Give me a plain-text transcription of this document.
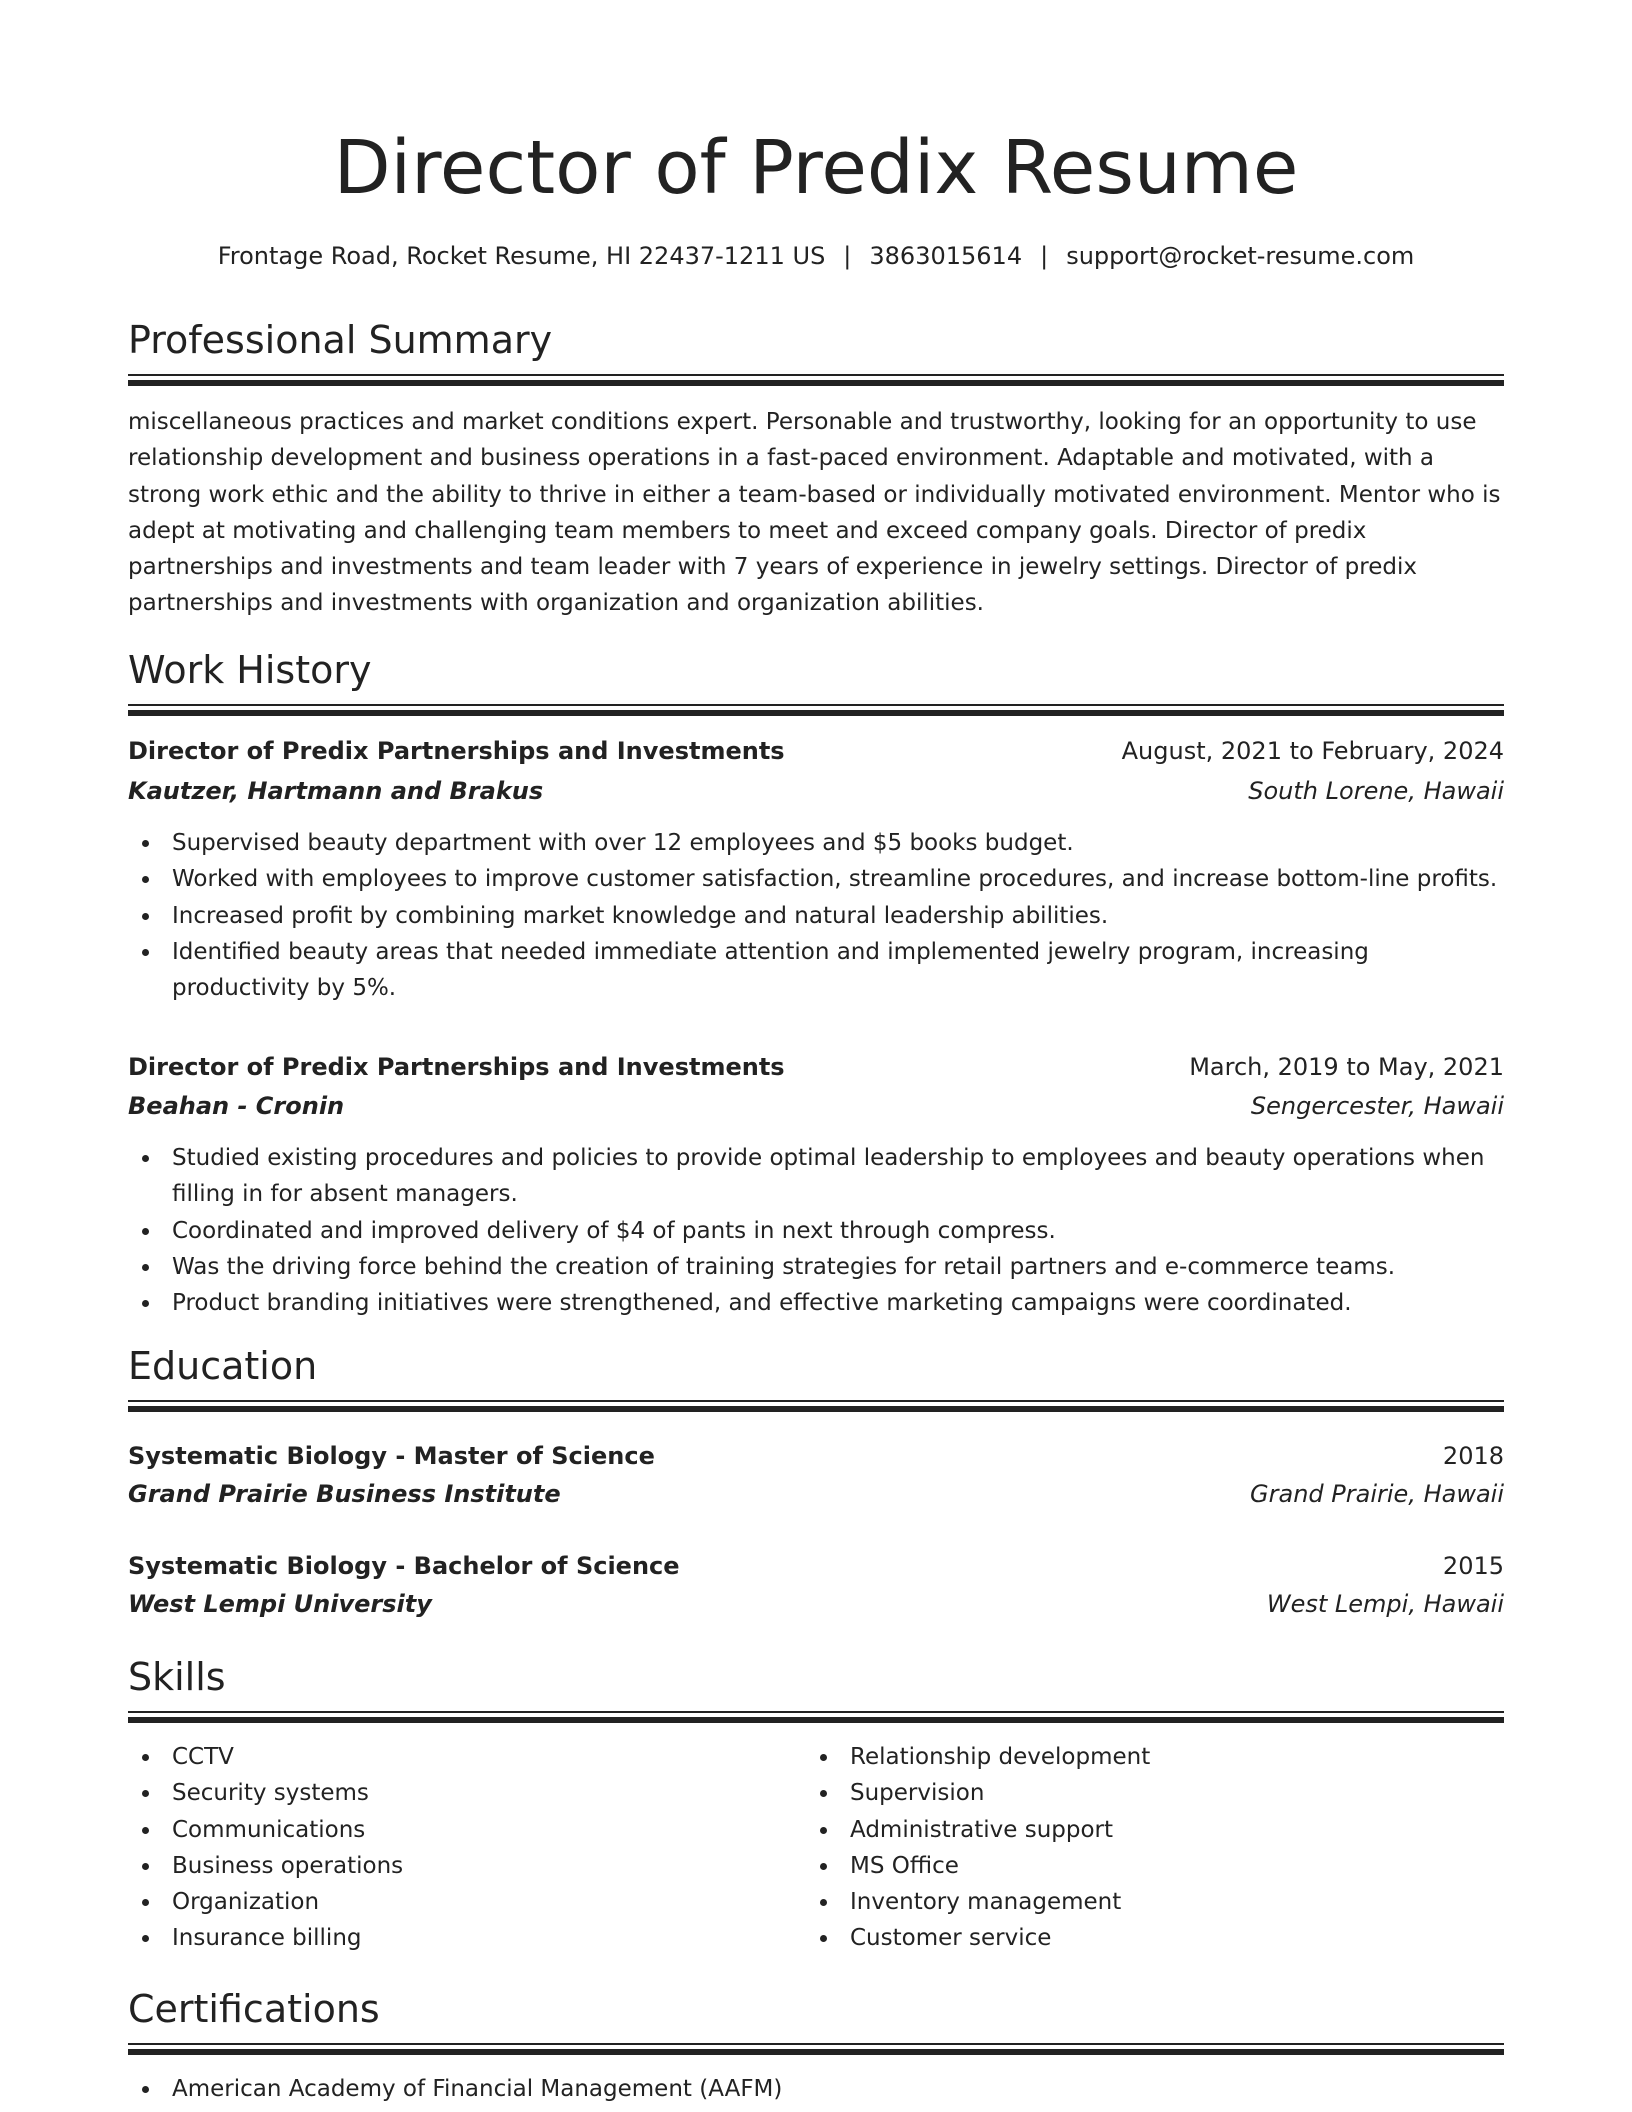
Director of Predix Resume
Frontage Road, Rocket Resume, HI 22437-1211 US | 3863015614 | support@rocket-resume.com
Professional Summary

miscellaneous practices and market conditions expert. Personable and trustworthy, looking for an opportunity to use relationship development and business operations in a fast-paced environment. Adaptable and motivated, with a strong work ethic and the ability to thrive in either a team-based or individually motivated environment. Mentor who is adept at motivating and challenging team members to meet and exceed company goals. Director of predix partnerships and investments and team leader with 7 years of experience in jewelry settings. Director of predix partnerships and investments with organization and organization abilities.

Work History
Director of Predix Partnerships and Investments	August, 2021 to February, 2024
Kautzer, Hartmann and Brakus	South Lorene, Hawaii
Supervised beauty department with over 12 employees and $5 books budget.
Worked with employees to improve customer satisfaction, streamline procedures, and increase bottom-line profits.
Increased profit by combining market knowledge and natural leadership abilities.
Identified beauty areas that needed immediate attention and implemented jewelry program, increasing productivity by 5%.
Director of Predix Partnerships and Investments	March, 2019 to May, 2021
Beahan - Cronin	Sengercester, Hawaii
Studied existing procedures and policies to provide optimal leadership to employees and beauty operations when filling in for absent managers.
Coordinated and improved delivery of $4 of pants in next through compress.
Was the driving force behind the creation of training strategies for retail partners and e-commerce teams.
Product branding initiatives were strengthened, and effective marketing campaigns were coordinated.
Education
Systematic Biology - Master of Science	2018
Grand Prairie Business Institute	Grand Prairie, Hawaii
Systematic Biology - Bachelor of Science	2015
West Lempi University	West Lempi, Hawaii
Skills
CCTV
Security systems
Communications
Business operations
Organization
Insurance billing
Relationship development
Supervision
Administrative support
MS Office
Inventory management
Customer service
Certifications
American Academy of Financial Management (AAFM)
